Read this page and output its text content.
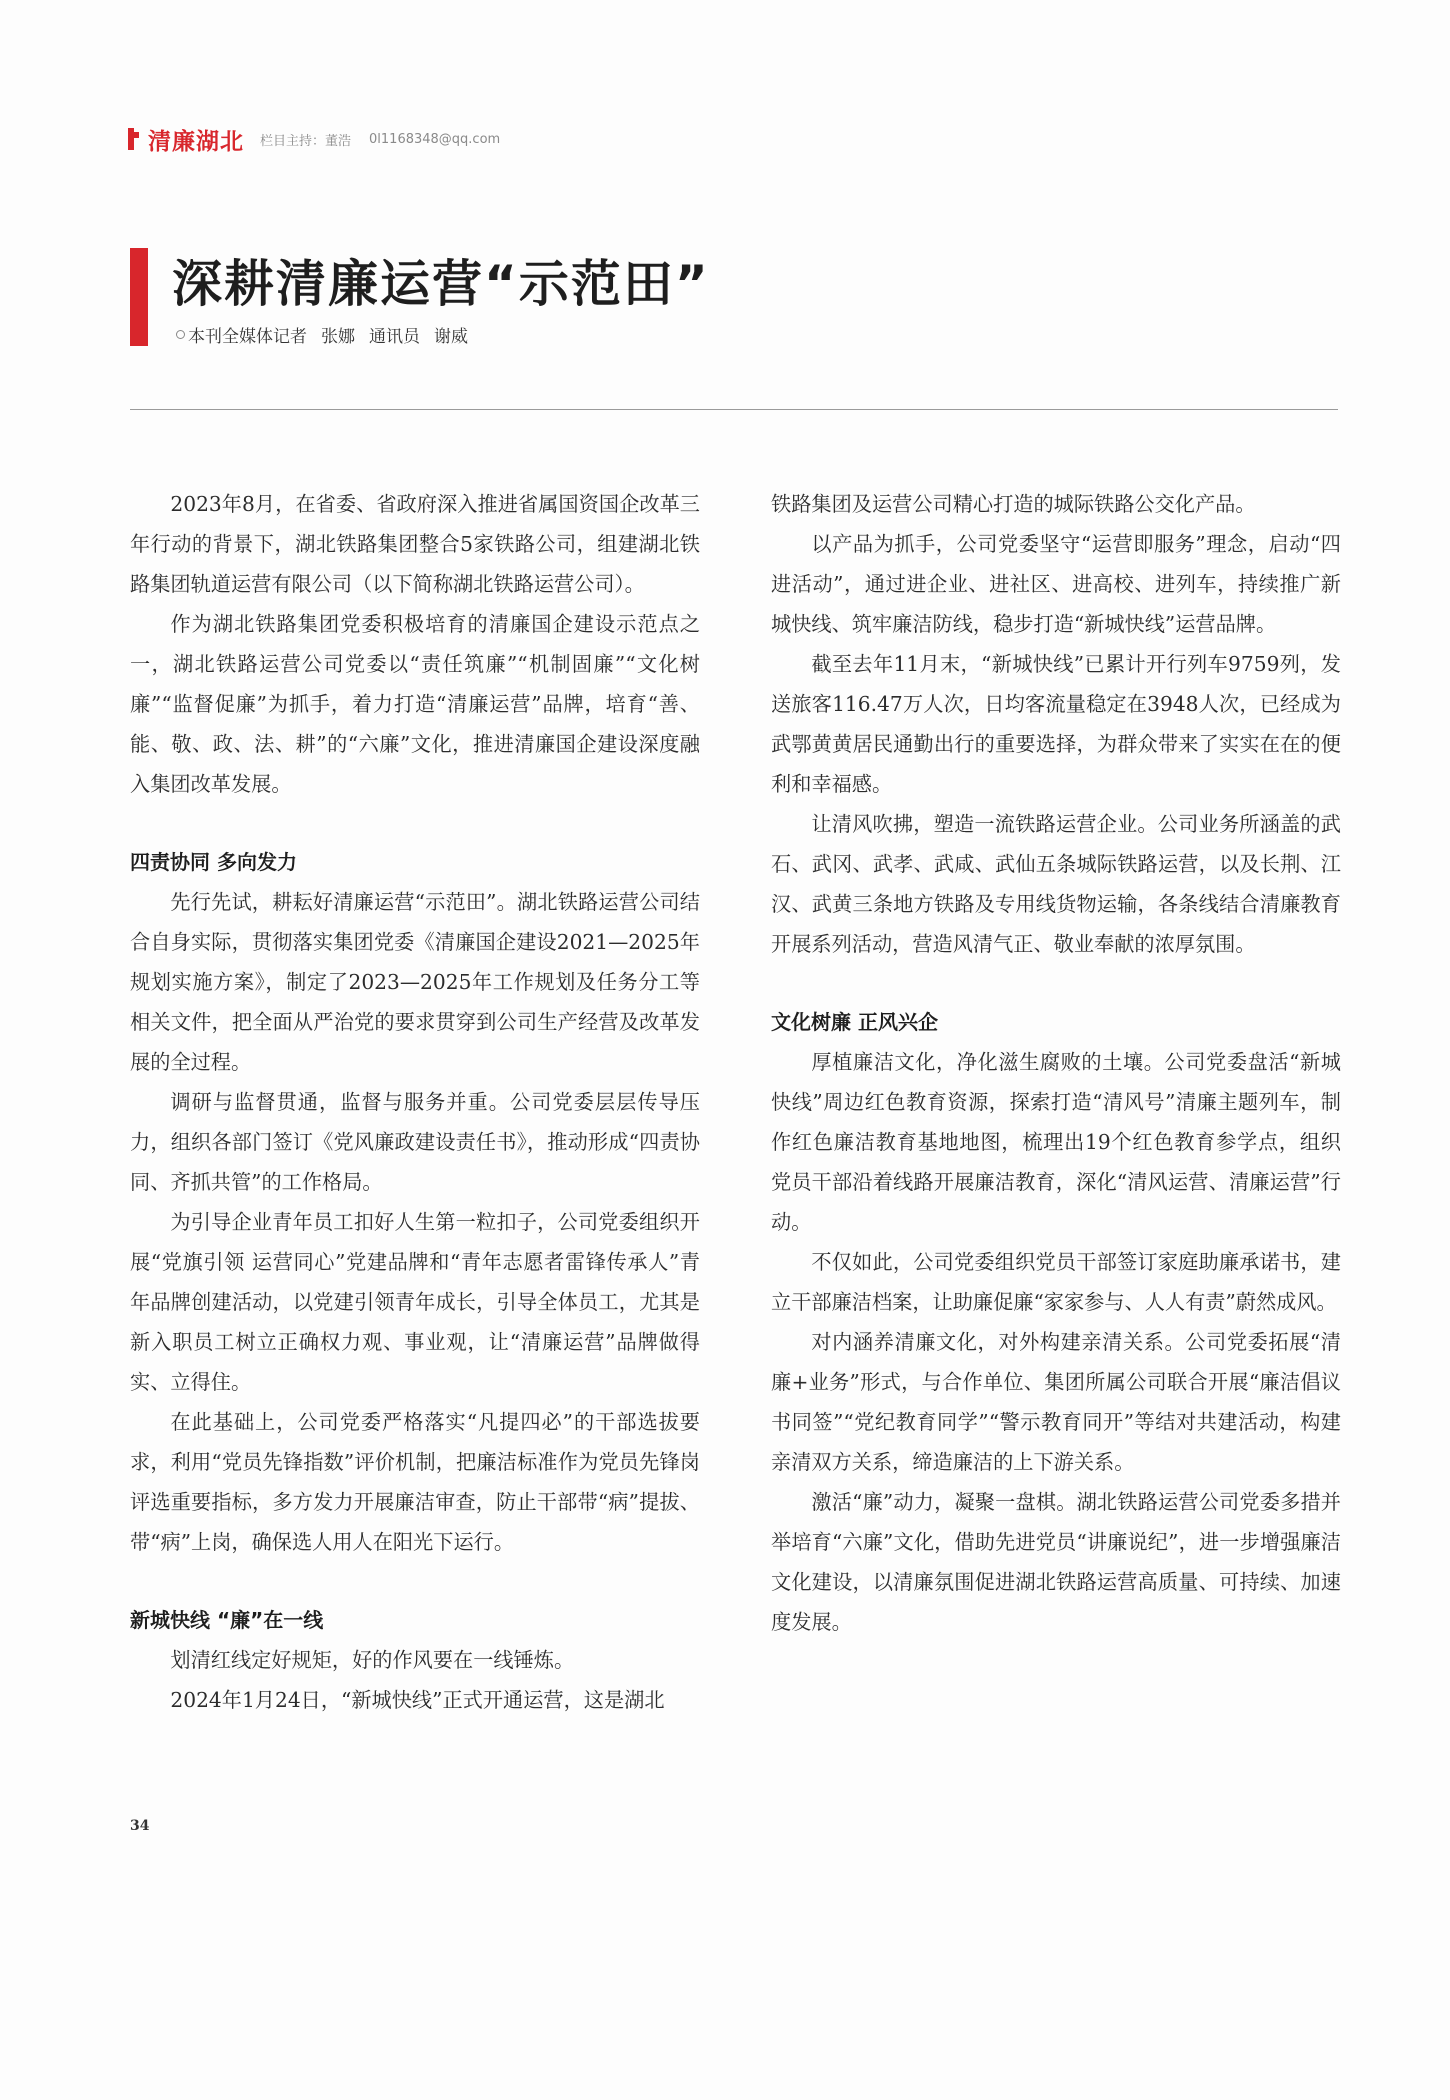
清廉湖北 栏目主持：董浩 0l1168348@qq.com
深耕清廉运营“示范田”
本刊全媒体记者 张娜 通讯员 谢威

2023年8月，在省委、省政府深入推进省属国资国企改革三年行动的背景下，湖北铁路集团整合5家铁路公司，组建湖北铁路集团轨道运营有限公司（以下简称湖北铁路运营公司）。

作为湖北铁路集团党委积极培育的清廉国企建设示范点之一，湖北铁路运营公司党委以“责任筑廉”“机制固廉”“文化树廉”“监督促廉”为抓手，着力打造“清廉运营”品牌，培育“善、能、敬、政、法、耕”的“六廉”文化，推进清廉国企建设深度融入集团改革发展。

四责协同 多向发力

先行先试，耕耘好清廉运营“示范田”。湖北铁路运营公司结合自身实际，贯彻落实集团党委《清廉国企建设2021—2025年规划实施方案》，制定了2023—2025年工作规划及任务分工等相关文件，把全面从严治党的要求贯穿到公司生产经营及改革发展的全过程。

调研与监督贯通，监督与服务并重。公司党委层层传导压力，组织各部门签订《党风廉政建设责任书》，推动形成“四责协同、齐抓共管”的工作格局。

为引导企业青年员工扣好人生第一粒扣子，公司党委组织开展“党旗引领 运营同心”党建品牌和“青年志愿者雷锋传承人”青年品牌创建活动，以党建引领青年成长，引导全体员工，尤其是新入职员工树立正确权力观、事业观，让“清廉运营”品牌做得实、立得住。

在此基础上，公司党委严格落实“凡提四必”的干部选拔要求，利用“党员先锋指数”评价机制，把廉洁标准作为党员先锋岗评选重要指标，多方发力开展廉洁审查，防止干部带“病”提拔、带“病”上岗，确保选人用人在阳光下运行。

新城快线 “廉”在一线

划清红线定好规矩，好的作风要在一线锤炼。

2024年1月24日，“新城快线”正式开通运营，这是湖北

铁路集团及运营公司精心打造的城际铁路公交化产品。

以产品为抓手，公司党委坚守“运营即服务”理念，启动“四进活动”，通过进企业、进社区、进高校、进列车，持续推广新城快线、筑牢廉洁防线，稳步打造“新城快线”运营品牌。

截至去年11月末，“新城快线”已累计开行列车9759列，发送旅客116.47万人次，日均客流量稳定在3948人次，已经成为武鄂黄黄居民通勤出行的重要选择，为群众带来了实实在在的便利和幸福感。

让清风吹拂，塑造一流铁路运营企业。公司业务所涵盖的武石、武冈、武孝、武咸、武仙五条城际铁路运营，以及长荆、江汉、武黄三条地方铁路及专用线货物运输，各条线结合清廉教育开展系列活动，营造风清气正、敬业奉献的浓厚氛围。

文化树廉 正风兴企

厚植廉洁文化，净化滋生腐败的土壤。公司党委盘活“新城快线”周边红色教育资源，探索打造“清风号”清廉主题列车，制作红色廉洁教育基地地图，梳理出19个红色教育参学点，组织党员干部沿着线路开展廉洁教育，深化“清风运营、清廉运营”行动。

不仅如此，公司党委组织党员干部签订家庭助廉承诺书，建立干部廉洁档案，让助廉促廉“家家参与、人人有责”蔚然成风。

对内涵养清廉文化，对外构建亲清关系。公司党委拓展“清廉+业务”形式，与合作单位、集团所属公司联合开展“廉洁倡议书同签”“党纪教育同学”“警示教育同开”等结对共建活动，构建亲清双方关系，缔造廉洁的上下游关系。

激活“廉”动力，凝聚一盘棋。湖北铁路运营公司党委多措并举培育“六廉”文化，借助先进党员“讲廉说纪”，进一步增强廉洁文化建设，以清廉氛围促进湖北铁路运营高质量、可持续、加速度发展。

34
